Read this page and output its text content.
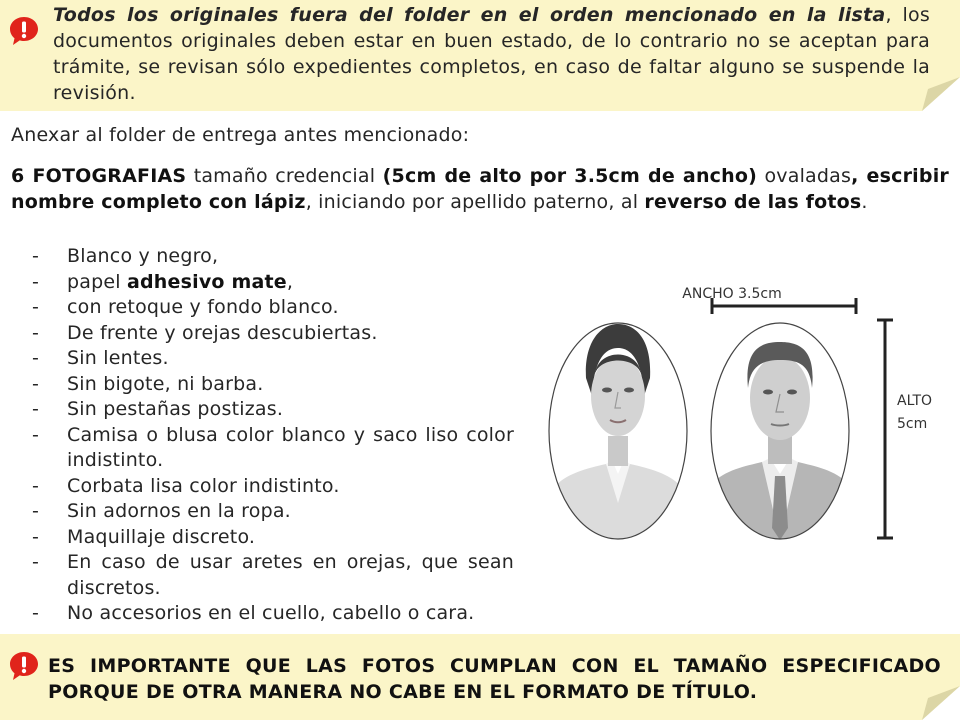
Todos los originales fuera del folder en el orden mencionado en la lista, los documentos originales deben estar en buen estado, de lo contrario no se aceptan para trámite, se revisan sólo expedientes completos, en caso de faltar alguno se suspende la revisión.
Anexar al folder de entrega antes mencionado:
6 FOTOGRAFIAS tamaño credencial (5cm de alto por 3.5cm de ancho) ovaladas, escribir nombre completo con lápiz, iniciando por apellido paterno, al reverso de las fotos.
- Blanco y negro,
- papel adhesivo mate,
- con retoque y fondo blanco.
- De frente y orejas descubiertas.
- Sin lentes.
- Sin bigote, ni barba.
- Sin pestañas postizas.
- Camisa o blusa color blanco y saco liso color indistinto.
- Corbata lisa color indistinto.
- Sin adornos en la ropa.
- Maquillaje discreto.
- En caso de usar aretes en orejas, que sean discretos.
- No accesorios en el cuello, cabello o cara.
ANCHO 3.5cm
ALTO
5cm
ES IMPORTANTE QUE LAS FOTOS CUMPLAN CON EL TAMAÑO ESPECIFICADO PORQUE DE OTRA MANERA NO CABE EN EL FORMATO DE TÍTULO.
